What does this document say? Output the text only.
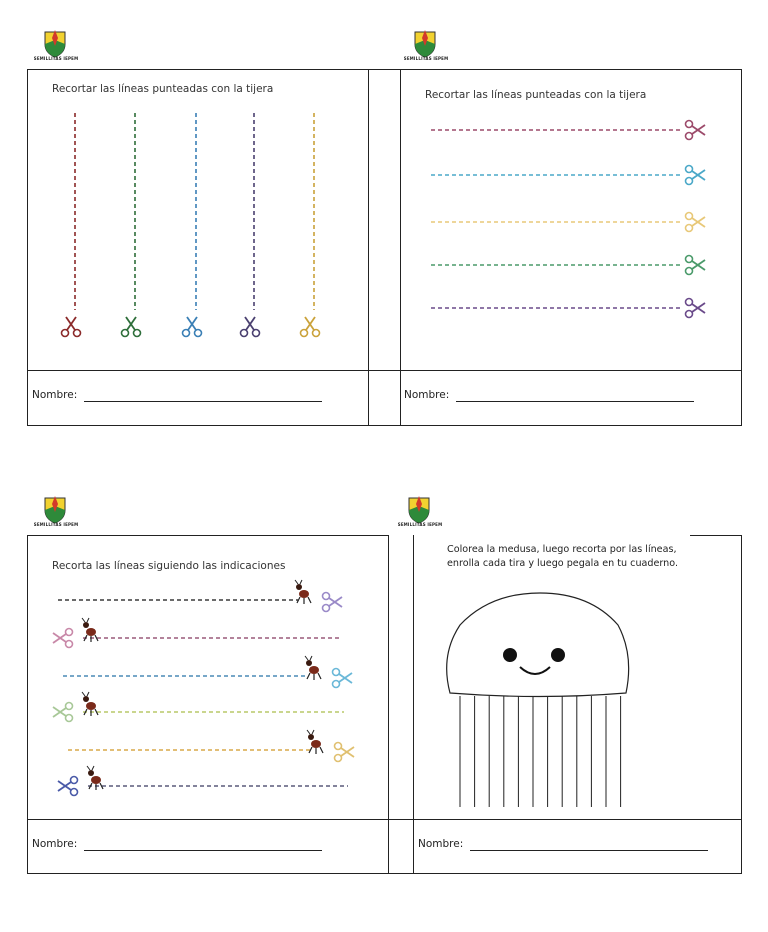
SEMILLITAS IEPEM	SEMILLITAS IEPEM
SEMILLITAS IEPEM	SEMILLITAS IEPEM
Recortar las líneas punteadas con la tijera
Nombre:
Recortar las líneas punteadas con la tijera
Nombre:
Recorta las líneas siguiendo las indicaciones
Nombre:
Colorea la medusa, luego recorta por las líneas,
enrolla cada tira y luego pegala en tu cuaderno.
Nombre:
